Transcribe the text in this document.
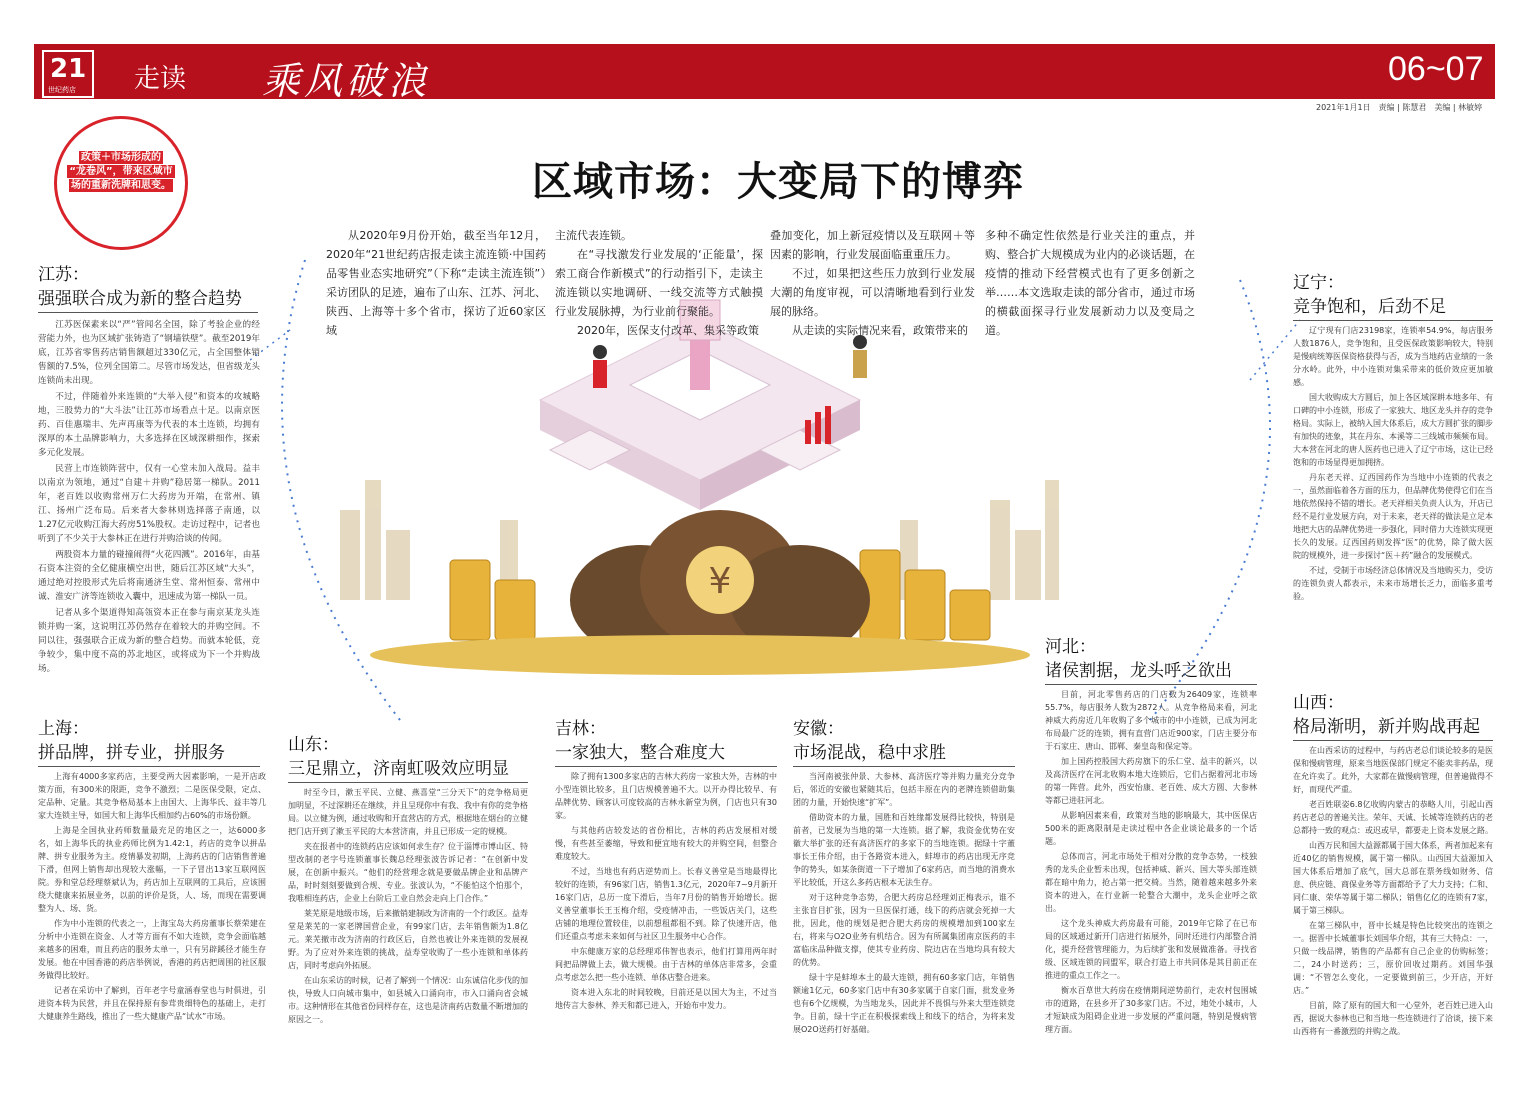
21
世纪药店 走读 乘风破浪	06~07
2021年1月1日　责编 | 陈慧君　美编 | 林敏婷
政策＋市场形成的
“龙卷风”，带来区域市
场的重新洗牌和思变。	区域市场：大变局下的博弈
¥

从2020年9月份开始，截至当年12月，2020年“21世纪药店报走读主流连锁·中国药品零售业态实地研究”（下称“走读主流连锁”）采访团队的足迹，遍布了山东、江苏、河北、陕西、上海等十多个省市，探访了近60家区域

主流代表连锁。

在“寻找激发行业发展的‘正能量’，探索工商合作新模式”的行动指引下，走读主流连锁以实地调研、一线交流等方式触摸行业发展脉搏，为行业前行聚能。

2020年，医保支付改革、集采等政策

叠加变化，加上新冠疫情以及互联网＋等因素的影响，行业发展面临重重压力。

不过，如果把这些压力放到行业发展大潮的角度审视，可以清晰地看到行业发展的脉络。

从走读的实际情况来看，政策带来的

多种不确定性依然是行业关注的重点，并购、整合扩大规模成为业内的必谈话题，在疫情的推动下经营模式也有了更多创新之举……本文选取走读的部分省市，通过市场的横截面探寻行业发展新动力以及变局之道。

江苏：
强强联合成为新的整合趋势

江苏医保素来以“严”管闻名全国，除了考验企业的经营能力外，也为区域扩张铸造了“钢墙铁壁”。截至2019年底，江苏省零售药店销售额超过330亿元，占全国整体销售额的7.5%，位列全国第二。尽管市场发达，但省级龙头连锁尚未出现。

不过，伴随着外来连锁的“大举入侵”和资本的攻城略地，三股势力的“大斗法”让江苏市场看点十足。以南京医药、百佳惠瑞丰、先声再康等为代表的本土连锁，均拥有深厚的本土品牌影响力，大多选择在区域深耕细作，探索多元化发展。

民营上市连锁阵营中，仅有一心堂未加入战局。益丰以南京为领地，通过“自建＋并购”稳居第一梯队。2011年，老百姓以收购常州万仁大药房为开端，在常州、镇江、扬州广泛布局。后来者大参林则选择落子南通，以1.27亿元收购江海大药房51%股权。走访过程中，记者也听到了不少关于大参林正在进行并购洽谈的传闻。

两股资本力量的碰撞闹得“火花四溅”。2016年，由基石资本注资的全亿健康横空出世，随后江苏区域“大头”，通过绝对控股形式先后将南通济生堂、常州恒泰、常州中诚、淮安广济等连锁收入囊中，迅速成为第一梯队一员。

记者从多个渠道得知高瓴资本正在参与南京某龙头连锁并购一案，这说明江苏仍然存在着较大的并购空间。不同以往，强强联合正成为新的整合趋势。而就本轮低，竞争较少，集中度不高的苏北地区，或将成为下一个并购战场。

上海：
拼品牌，拼专业，拼服务

上海有4000多家药店，主要受两大因素影响，一是开店政策方面，有300米的限距，竞争不激烈；二是医保受限，定点、定品种、定量。其竞争格局基本上由国大、上海华氏、益丰等几家大连锁主导，如国大和上海华氏相加约占60%的市场份额。

上海是全国执业药师数量最充足的地区之一，达6000多名，如上海华氏的执业药师比例为1.42:1，药店的竞争以拼品牌、拼专业服务为主。疫情暴发初期，上海药店的门店销售普遍下滑，但网上销售却出现较大涨幅，一下子冒出13家互联网医院。券和堂总经理蔡斌认为，药店加上互联网的工具后，应该围绕大健康来拓展业务，以前的评价是货，人、场，而现在需要调整为人、场、货。

作为中小连锁的代表之一，上海宝岛大药房董事长蔡荣建在分析中小连锁在资金、人才等方面有不如大连锁，竞争会面临越来越多的困难，而且药店的服务太单一，只有另辟蹊径才能生存发展。他在中国香港的药店举例说，香港的药店把周围的社区服务做得比较好。

记者在采访中了解到，百年老字号童涵春堂也与时俱进，引进资本转为民营，并且在保持原有参茸贵细特色的基础上，走打大健康养生路线，推出了一些大健康产品“试水”市场。

山东：
三足鼎立，济南虹吸效应明显

时至今日，漱玉平民、立健、燕喜堂“三分天下”的竞争格局更加明显，不过深耕还在继续，并且呈现你中有我、我中有你的竞争格局。以立健为例，通过收购和开直营店的方式，根据地在烟台的立健把门店开到了漱玉平民的大本营济南，并且已形成一定的规模。

夹在报者中的连锁药店应该如何求生存？位于淄博市博山区、特型改制的老字号连锁董事长魏总经理张波告诉记者：“在创新中发展，在创新中振兴。“他们的经营理念就是要做品牌企业和品牌产品，时时刻刻要做到合规、专业。张波认为，“不能怕这个怕那个，我唯相连药店，企业上台阶后工业自然会走向上门合作。”

莱芜原是地级市场，后来撤销建制改为济南的一个行政区。益寿堂是莱芜的一家老牌国营企业，有99家门店，去年销售额为1.8亿元。莱芜撤市改为济南的行政区后，自然也被让外来连锁的发展视野。为了应对外来连锁的挑战，益寿堂收购了一些小连锁和单体药店，同时考虑向外拓展。

在山东采访的时候，记者了解到一个情况：山东诚信化步伐的加快，导致人口向城市集中，如县城入口涌向市，市入口涌向省会城市。这种情形在其他省份同样存在，这也是济南药店数量不断增加的原因之一。

吉林：
一家独大，整合难度大

除了拥有1300多家店的吉林大药房一家独大外，吉林的中小型连锁比较多，且门店规模普遍不大。以开办得比较早、有品牌优势、顾客认可度较高的吉林永新堂为例，门店也只有30家。

与其他药店较发达的省份相比，吉林的药店发展相对缓慢，有些甚至萎缩，导致和便宜地有较大的并购空间，但整合难度较大。

不过，当地也有药店逆势而上。长春义善堂是当地最得比较好的连锁，有96家门店，销售1.3亿元，2020年7~9月新开16家门店，总历一度下滑后，当年7月份的销售开始增长。据义善堂董事长王玉梅介绍，受疫情冲击，一些饭店关门，这些店铺的地理位置较佳，以前想租都租不到。除了快速开店，他们还重点考虑未来如何与社区卫生服务中心合作。

中东健康万家的总经理邓伟智也表示，他们打算用两年时间把品牌做上去，做大规模。由于吉林的单体店非常多，会重点考虑怎么把一些小连锁、单体店整合进来。

资本进入东北的时间较晚，目前还是以国大为主，不过当地传言大参林、养天和都已进入，开始布中发力。

安徽：
市场混战，稳中求胜

当河南被张仲景、大参林、高济医疗等并购力量充分竞争后，邻近的安徽也紧随其后，包括丰原在内的老牌连锁借助集团的力量，开始快速“扩军”。

借助资本的力量，国胜和百姓缘都发展得比较快，特别是前者，已发展为当地的第一大连锁。据了解，我资金优势在安徽大举扩张的还有高济医疗的多家下的当地连锁。据绿十字董事长王伟介绍，由于各路资本进入，蚌埠市的药店出现无序竞争的势头，如某条街道一下子增加了6家药店，而当地的消费水平比较低，开这么多药店根本无法生存。

对于这种竞争态势，合肥大药房总经理刘正梅表示，谁不主张盲目扩张，因为一旦医保打通，线下的药店就会死掉一大批，因此，他的规划是把合肥大药房的规模增加到100家左右，将来与O2O业务有机结合。因为有所属集团南京医药的丰富临床品种做支撑，使其专业药房、院边店在当地均具有较大的优势。

绿十字是蚌埠本土的最大连锁，拥有60多家门店，年销售额逾1亿元，60多家门店中有30多家属于自家门面，批发业务也有6个亿规模，为当地龙头，因此并不畏惧与外来大型连锁竞争。目前，绿十字正在积极探索线上和线下的结合，为将来发展O2O送药打好基础。

河北：
诸侯割据，龙头呼之欲出

目前，河北零售药店的门店数为26409家，连锁率55.7%，每店服务人数为2872人。从竞争格局来看，河北神威大药房近几年收购了多个城市的中小连锁，已成为河北布局最广泛的连锁，拥有直营门店近900家，门店主要分布于石家庄、唐山、邯郸、秦皇岛和保定等。

加上国药控股国大药房旗下的乐仁堂、益丰的新兴，以及高济医疗在河北收购本地大连锁后，它们占据着河北市场的第一阵营。此外，西安怡康、老百姓、成大方圆、大参林等都已进驻河北。

从影响因素来看，政策对当地的影响最大，其中医保店500米的距离限制是走读过程中各企业谈论最多的一个话题。

总体而言，河北市场处于相对分散的竞争态势，一枝独秀的龙头企业暂未出现，包括神威、新兴、国大等头部连锁都在暗中角力，抢占第一把交椅。当然，随着越来越多外来资本的进入，在行业新一轮整合大潮中，龙头企业呼之欲出。

这个龙头神威大药房最有可能，2019年它除了在已布局的区域通过新开门店进行拓展外，同时还进行内部整合消化，提升经营管理能力，为后续扩张和发展做准备。寻找省级、区域连锁的同盟军，联合打造上市共同体是其目前正在推进的重点工作之一。

衡水百草世大药房在疫情期间逆势前行，走农村包围城市的道路，在县乡开了30多家门店。不过，地处小城市，人才短缺成为阻碍企业进一步发展的严重问题，特别是慢病管理方面。

辽宁：
竞争饱和，后劲不足

辽宁现有门店23198家，连锁率54.9%，每店服务人数1876人，竞争饱和，且受医保政策影响较大，特别是慢病统筹医保资格获得与否，成为当地药店业绩的一条分水岭。此外，中小连锁对集采带来的低价效应更加敏感。

国大收购成大方圆后，加上各区域深耕本地多年、有口碑的中小连锁，形成了一家独大、地区龙头并存的竞争格局。实际上，被纳入国大体系后，成大方圆扩张的脚步有加快的迹象，其在丹东、本溪等二三线城市频频布局。大本营在河北的唐人医药也已进入了辽宁市场，这让已经饱和的市场显得更加拥挤。

丹东老天祥、辽西国药作为当地中小连锁的代表之一，虽然面临着各方面的压力，但品牌优势使得它们在当地依然保持不错的增长。老天祥相关负责人认为，开店已经不是行业发展方向，对于未来，老天祥的做法是立足本地把大店的品牌优势进一步强化，同时借力大连锁实现更长久的发展。辽西国药则发挥“医”的优势，除了做大医院的规模外，进一步探讨“医＋药”融合的发展模式。

不过，受制于市场经济总体情况及当地购买力，受访的连锁负责人都表示，未来市场增长乏力，面临多重考验。

山西：
格局渐明，新并购战再起

在山西采访的过程中，与药店老总们谈论较多的是医保和慢病管理，原来当地医保部门规定不能卖非药品，现在允许卖了。此外，大家都在做慢病管理，但普遍做得不好，而现代严重。

老百姓联姿6.8亿收购内蒙古的恭略人川，引起山西药店老总的普遍关注。荣年、天诚、长城等连锁药店的老总都持一致的观点：或迟或早，都要走上资本发展之路。

山西万民和国大益源都属于国大体系，两者加起来有近40亿的销售规模，属于第一梯队。山西国大益源加入国大体系后增加了底气，国大总部在票务线如财务、信息、供应链、商保业务等方面都给予了大力支持；仁和、同仁康、荣华等属于第二梯队；销售亿亿的连锁有7家，属于第三梯队。

在第三梯队中，晋中长城是特色比较突出的连锁之一。据晋中长城董事长刘国华介绍，其有三大特点：一，只做一线品牌，销售的产品都有自己企业的仿购标签；二，24小时送药；三，原价回收过期药。刘国华强调：“不管怎么变化，一定要做到前三，少开店，开好店。”

目前，除了原有的国大和一心堂外，老百姓已进入山西，据说大参林也已和当地一些连锁进行了洽谈，接下来山西将有一番激烈的并购之战。
